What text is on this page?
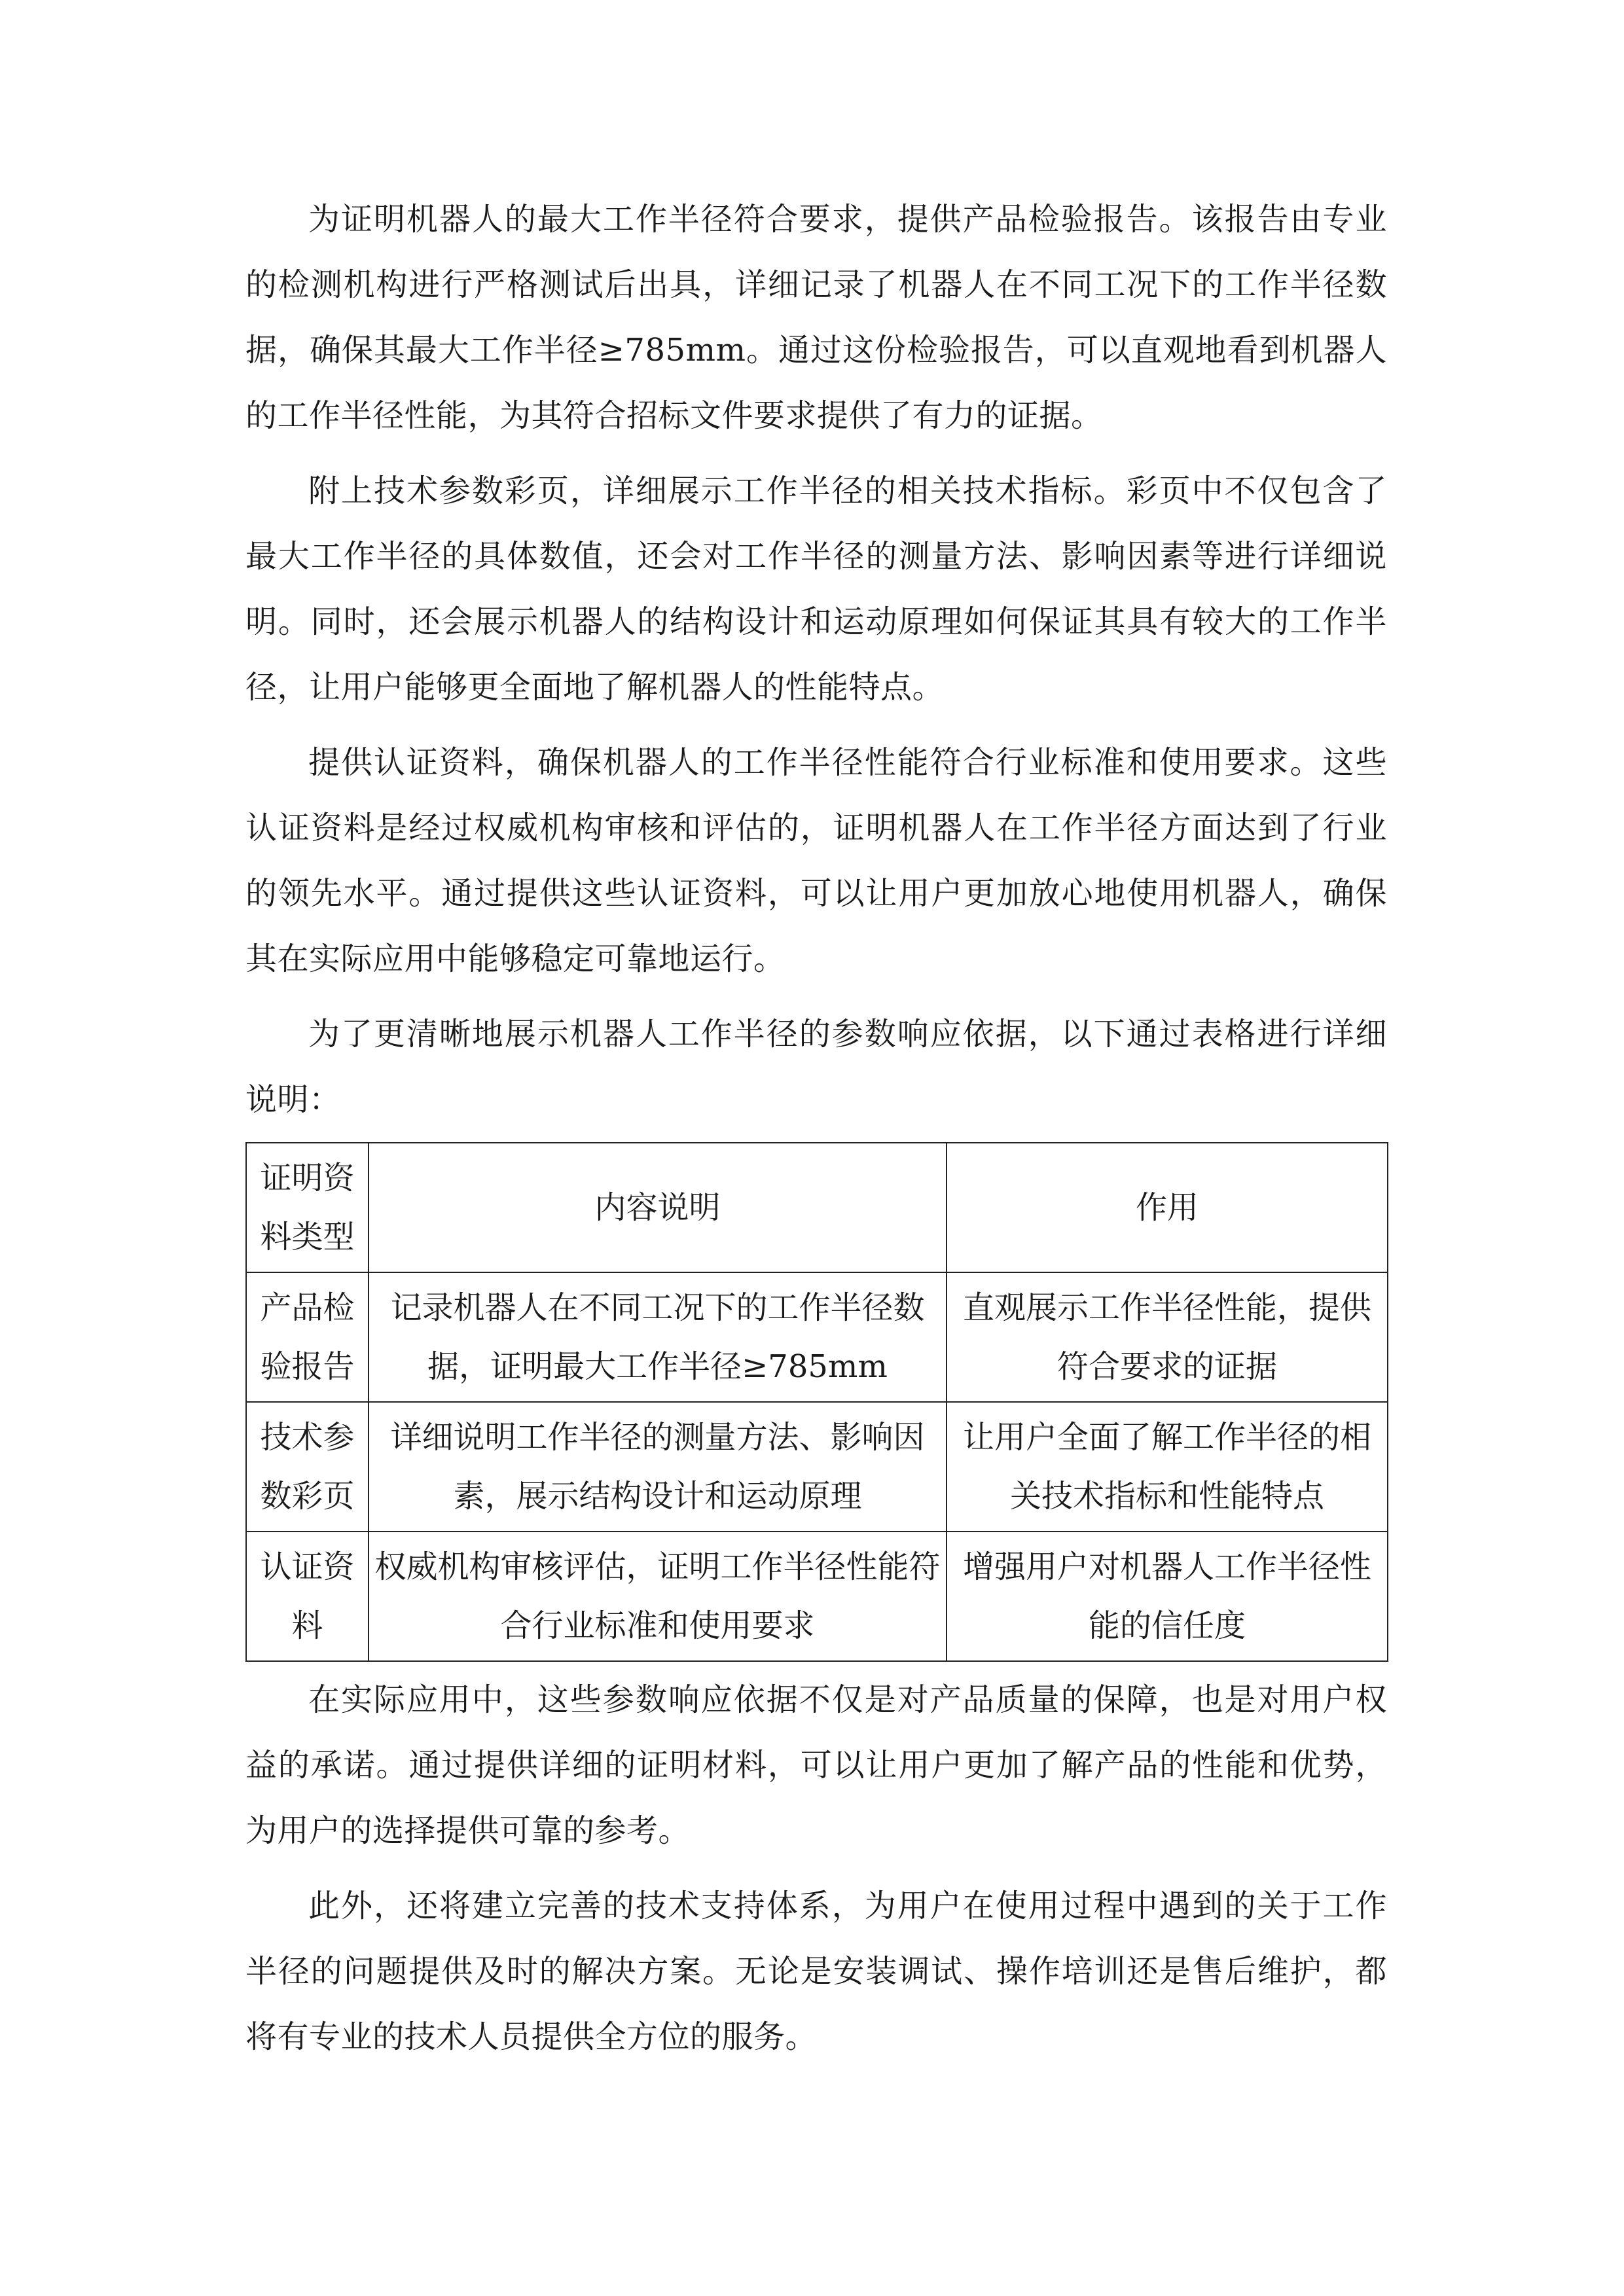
为证明机器人的最大工作半径符合要求，提供产品检验报告。该报告由专业的检测机构进行严格测试后出具，详细记录了机器人在不同工况下的工作半径数据，确保其最大工作半径≥785mm。通过这份检验报告，可以直观地看到机器人的工作半径性能，为其符合招标文件要求提供了有力的证据。

附上技术参数彩页，详细展示工作半径的相关技术指标。彩页中不仅包含了最大工作半径的具体数值，还会对工作半径的测量方法、影响因素等进行详细说明。同时，还会展示机器人的结构设计和运动原理如何保证其具有较大的工作半径，让用户能够更全面地了解机器人的性能特点。

提供认证资料，确保机器人的工作半径性能符合行业标准和使用要求。这些认证资料是经过权威机构审核和评估的，证明机器人在工作半径方面达到了行业的领先水平。通过提供这些认证资料，可以让用户更加放心地使用机器人，确保其在实际应用中能够稳定可靠地运行。

为了更清晰地展示机器人工作半径的参数响应依据，以下通过表格进行详细说明：

证明资料类型	内容说明	作用
产品检验报告	记录机器人在不同工况下的工作半径数据，证明最大工作半径≥785mm	直观展示工作半径性能，提供符合要求的证据
技术参数彩页	详细说明工作半径的测量方法、影响因素，展示结构设计和运动原理	让用户全面了解工作半径的相关技术指标和性能特点
认证资料	权威机构审核评估，证明工作半径性能符合行业标准和使用要求	增强用户对机器人工作半径性能的信任度

在实际应用中，这些参数响应依据不仅是对产品质量的保障，也是对用户权益的承诺。通过提供详细的证明材料，可以让用户更加了解产品的性能和优势，为用户的选择提供可靠的参考。

此外，还将建立完善的技术支持体系，为用户在使用过程中遇到的关于工作半径的问题提供及时的解决方案。无论是安装调试、操作培训还是售后维护，都将有专业的技术人员提供全方位的服务。
